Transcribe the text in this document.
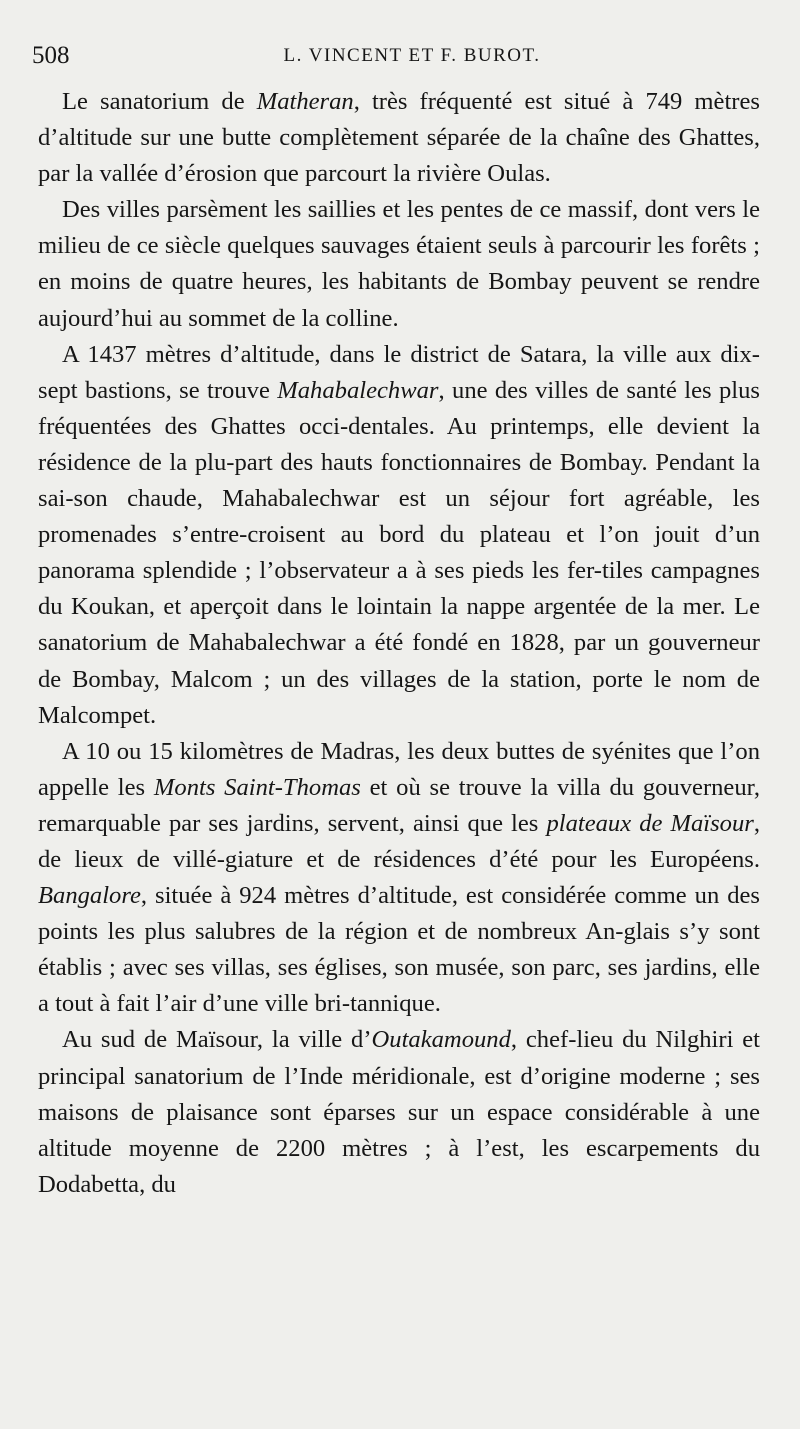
508	L. VINCENT ET F. BUROT.

Le sanatorium de Matheran, très fréquenté est situé à 749 mètres d’altitude sur une butte complètement séparée de la chaîne des Ghattes, par la vallée d’érosion que parcourt la rivière Oulas.

Des villes parsèment les saillies et les pentes de ce massif, dont vers le milieu de ce siècle quelques sauvages étaient seuls à parcourir les forêts ; en moins de quatre heures, les habitants de Bombay peuvent se rendre aujourd’hui au sommet de la colline.

A 1437 mètres d’altitude, dans le district de Satara, la ville aux dix-sept bastions, se trouve Mahabalechwar, une des villes de santé les plus fréquentées des Ghattes occi-dentales. Au printemps, elle devient la résidence de la plu-part des hauts fonctionnaires de Bombay. Pendant la sai-son chaude, Mahabalechwar est un séjour fort agréable, les promenades s’entre-croisent au bord du plateau et l’on jouit d’un panorama splendide ; l’observateur a à ses pieds les fer-tiles campagnes du Koukan, et aperçoit dans le lointain la nappe argentée de la mer. Le sanatorium de Mahabalechwar a été fondé en 1828, par un gouverneur de Bombay, Malcom ; un des villages de la station, porte le nom de Malcompet.

A 10 ou 15 kilomètres de Madras, les deux buttes de syénites que l’on appelle les Monts Saint-Thomas et où se trouve la villa du gouverneur, remarquable par ses jardins, servent, ainsi que les plateaux de Maïsour, de lieux de villé-giature et de résidences d’été pour les Européens. Bangalore, située à 924 mètres d’altitude, est considérée comme un des points les plus salubres de la région et de nombreux An-glais s’y sont établis ; avec ses villas, ses églises, son musée, son parc, ses jardins, elle a tout à fait l’air d’une ville bri-tannique.

Au sud de Maïsour, la ville d’Outakamound, chef-lieu du Nilghiri et principal sanatorium de l’Inde méridionale, est d’origine moderne ; ses maisons de plaisance sont éparses sur un espace considérable à une altitude moyenne de 2200 mètres ; à l’est, les escarpements du Dodabetta, du
